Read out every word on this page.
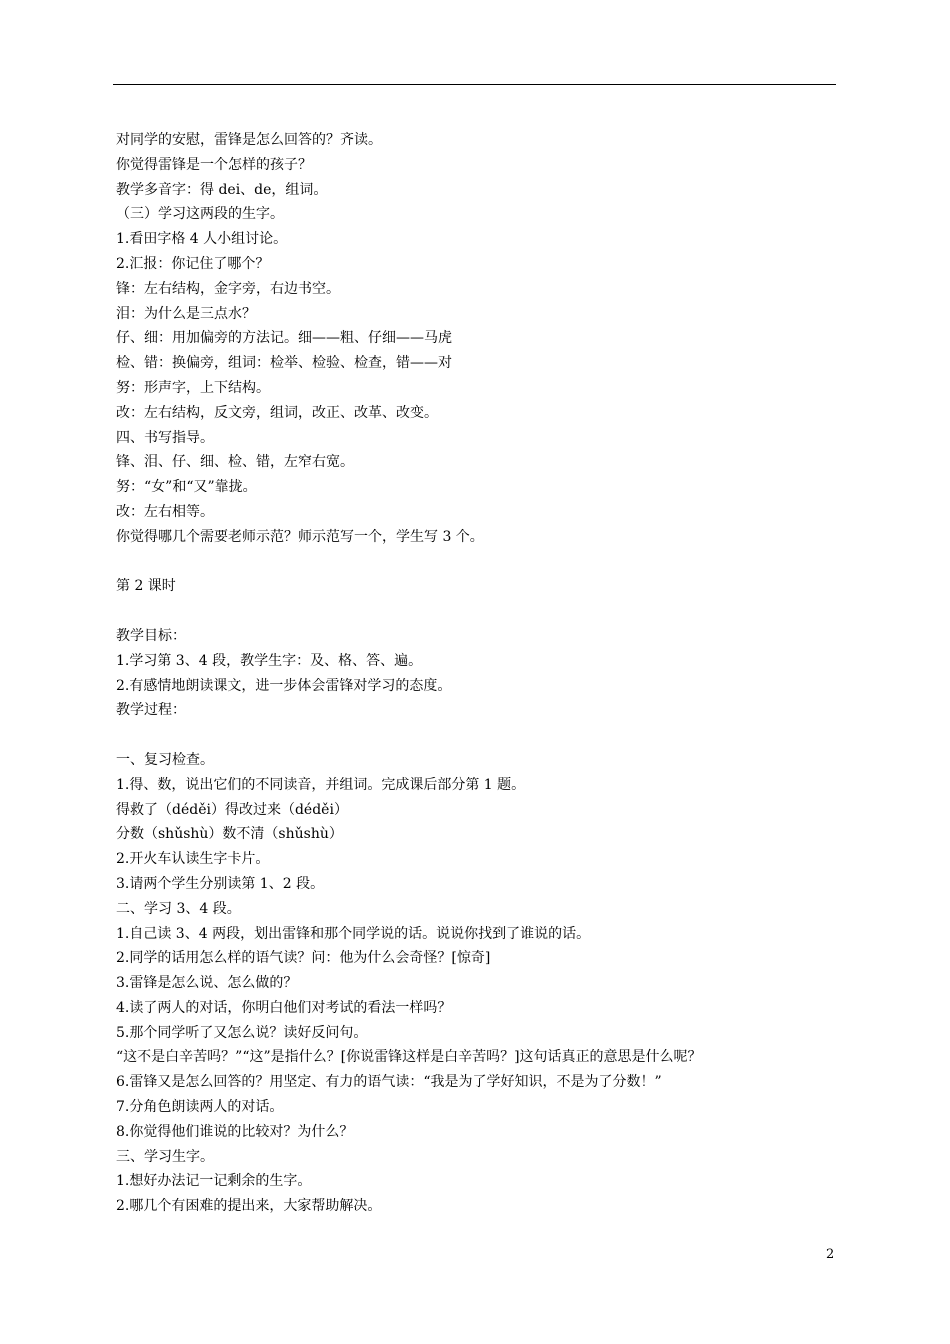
对同学的安慰，雷锋是怎么回答的？齐读。
你觉得雷锋是一个怎样的孩子？
教学多音字：得 dei、de，组词。
（三）学习这两段的生字。
1.看田字格 4 人小组讨论。
2.汇报：你记住了哪个？
锋：左右结构，金字旁，右边书空。
泪：为什么是三点水？
仔、细：用加偏旁的方法记。细——粗、仔细——马虎
检、错：换偏旁，组词：检举、检验、检查，错——对
努：形声字，上下结构。
改：左右结构，反文旁，组词，改正、改革、改变。
四、书写指导。
锋、泪、仔、细、检、错，左窄右宽。
努：“女”和“又”靠拢。
改：左右相等。
你觉得哪几个需要老师示范？师示范写一个，学生写 3 个。
第 2 课时
教学目标：
1.学习第 3、4 段，教学生字：及、格、答、遍。
2.有感情地朗读课文，进一步体会雷锋对学习的态度。
教学过程：
一、复习检查。
1.得、数，说出它们的不同读音，并组词。完成课后部分第 1 题。
得救了（déděi）得改过来（déděi）
分数（shǔshù）数不清（shǔshù）
2.开火车认读生字卡片。
3.请两个学生分别读第 1、2 段。
二、学习 3、4 段。
1.自己读 3、4 两段，划出雷锋和那个同学说的话。说说你找到了谁说的话。
2.同学的话用怎么样的语气读？问：他为什么会奇怪？[惊奇]
3.雷锋是怎么说、怎么做的？
4.读了两人的对话，你明白他们对考试的看法一样吗？
5.那个同学听了又怎么说？读好反问句。
“这不是白辛苦吗？”“这”是指什么？[你说雷锋这样是白辛苦吗？]这句话真正的意思是什么呢？
6.雷锋又是怎么回答的？用坚定、有力的语气读：“我是为了学好知识，不是为了分数！”
7.分角色朗读两人的对话。
8.你觉得他们谁说的比较对？为什么？
三、学习生字。
1.想好办法记一记剩余的生字。
2.哪几个有困难的提出来，大家帮助解决。
2
